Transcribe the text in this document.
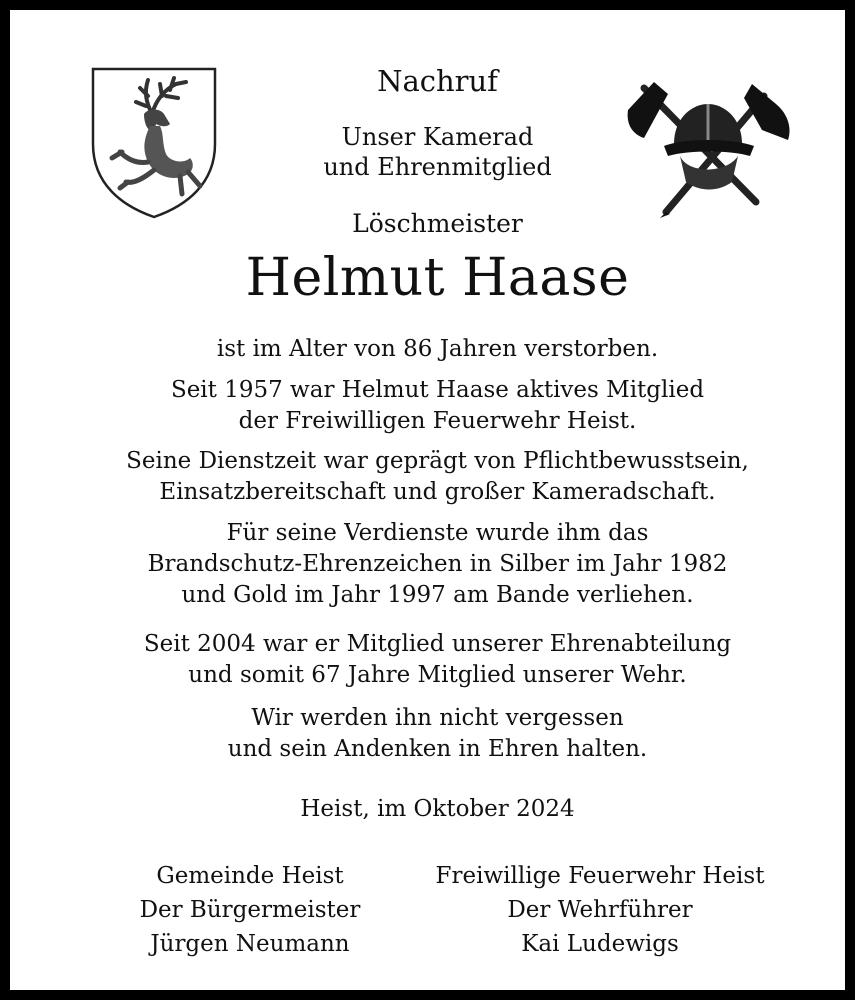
Nachruf
Unser Kamerad
und Ehrenmitglied
Löschmeister
Helmut Haase
ist im Alter von 86 Jahren verstorben.
Seit 1957 war Helmut Haase aktives Mitglied
der Freiwilligen Feuerwehr Heist.
Seine Dienstzeit war geprägt von Pflichtbewusstsein,
Einsatzbereitschaft und großer Kameradschaft.
Für seine Verdienste wurde ihm das
Brandschutz-Ehrenzeichen in Silber im Jahr 1982
und Gold im Jahr 1997 am Bande verliehen.
Seit 2004 war er Mitglied unserer Ehrenabteilung
und somit 67 Jahre Mitglied unserer Wehr.
Wir werden ihn nicht vergessen
und sein Andenken in Ehren halten.
Heist, im Oktober 2024
Gemeinde Heist
Der Bürgermeister
Jürgen Neumann
Freiwillige Feuerwehr Heist
Der Wehrführer
Kai Ludewigs
